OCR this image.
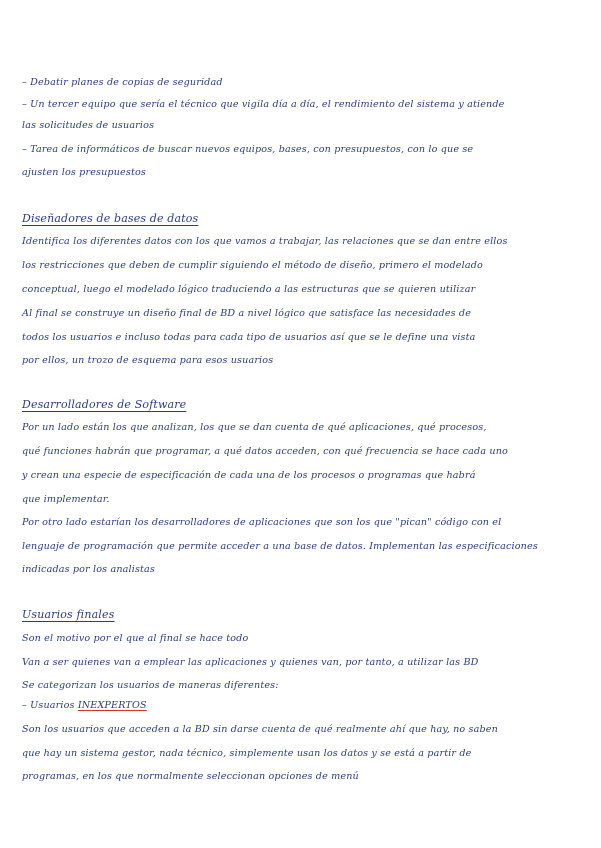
– Debatir planes de copias de seguridad
– Un tercer equipo que sería el técnico que vigila día a día, el rendimiento del sistema y atiende
las solicitudes de usuarios
– Tarea de informáticos de buscar nuevos equipos, bases, con presupuestos, con lo que se
ajusten los presupuestos
Diseñadores de bases de datos
Identifica los diferentes datos con los que vamos a trabajar, las relaciones que se dan entre ellos
los restricciones que deben de cumplir siguiendo el método de diseño, primero el modelado
conceptual, luego el modelado lógico traduciendo a las estructuras que se quieren utilizar
Al final se construye un diseño final de BD a nivel lógico que satisface las necesidades de
todos los usuarios e incluso todas para cada tipo de usuarios así que se le define una vista
por ellos, un trozo de esquema para esos usuarios
Desarrolladores de Software
Por un lado están los que analizan, los que se dan cuenta de qué aplicaciones, qué procesos,
qué funciones habrán que programar, a qué datos acceden, con qué frecuencia se hace cada uno
y crean una especie de especificación de cada una de los procesos o programas que habrá
que implementar.
Por otro lado estarían los desarrolladores de aplicaciones que son los que "pican" código con el
lenguaje de programación que permite acceder a una base de datos. Implementan las especificaciones
indicadas por los analistas
Usuarios finales
Son el motivo por el que al final se hace todo
Van a ser quienes van a emplear las aplicaciones y quienes van, por tanto, a utilizar las BD
Se categorizan los usuarios de maneras diferentes:
– Usuarios INEXPERTOS
Son los usuarios que acceden a la BD sin darse cuenta de qué realmente ahí que hay, no saben
que hay un sistema gestor, nada técnico, simplemente usan los datos y se está a partir de
programas, en los que normalmente seleccionan opciones de menú
